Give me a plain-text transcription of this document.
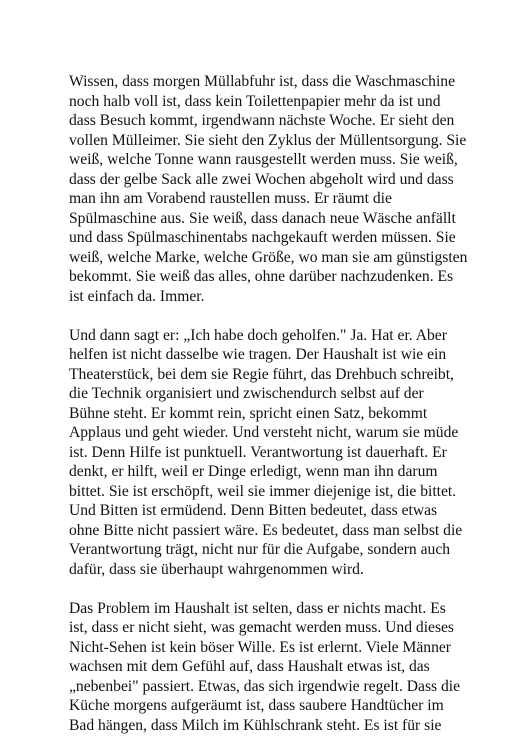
Wissen, dass morgen Müllabfuhr ist, dass die Waschmaschine
noch halb voll ist, dass kein Toilettenpapier mehr da ist und
dass Besuch kommt, irgendwann nächste Woche. Er sieht den
vollen Mülleimer. Sie sieht den Zyklus der Müllentsorgung. Sie
weiß, welche Tonne wann rausgestellt werden muss. Sie weiß,
dass der gelbe Sack alle zwei Wochen abgeholt wird und dass
man ihn am Vorabend raustellen muss. Er räumt die
Spülmaschine aus. Sie weiß, dass danach neue Wäsche anfällt
und dass Spülmaschinentabs nachgekauft werden müssen. Sie
weiß, welche Marke, welche Größe, wo man sie am günstigsten
bekommt. Sie weiß das alles, ohne darüber nachzudenken. Es
ist einfach da. Immer.

Und dann sagt er: „Ich habe doch geholfen." Ja. Hat er. Aber
helfen ist nicht dasselbe wie tragen. Der Haushalt ist wie ein
Theaterstück, bei dem sie Regie führt, das Drehbuch schreibt,
die Technik organisiert und zwischendurch selbst auf der
Bühne steht. Er kommt rein, spricht einen Satz, bekommt
Applaus und geht wieder. Und versteht nicht, warum sie müde
ist. Denn Hilfe ist punktuell. Verantwortung ist dauerhaft. Er
denkt, er hilft, weil er Dinge erledigt, wenn man ihn darum
bittet. Sie ist erschöpft, weil sie immer diejenige ist, die bittet.
Und Bitten ist ermüdend. Denn Bitten bedeutet, dass etwas
ohne Bitte nicht passiert wäre. Es bedeutet, dass man selbst die
Verantwortung trägt, nicht nur für die Aufgabe, sondern auch
dafür, dass sie überhaupt wahrgenommen wird.

Das Problem im Haushalt ist selten, dass er nichts macht. Es
ist, dass er nicht sieht, was gemacht werden muss. Und dieses
Nicht-Sehen ist kein böser Wille. Es ist erlernt. Viele Männer
wachsen mit dem Gefühl auf, dass Haushalt etwas ist, das
„nebenbei" passiert. Etwas, das sich irgendwie regelt. Dass die
Küche morgens aufgeräumt ist, dass saubere Handtücher im
Bad hängen, dass Milch im Kühlschrank steht. Es ist für sie
